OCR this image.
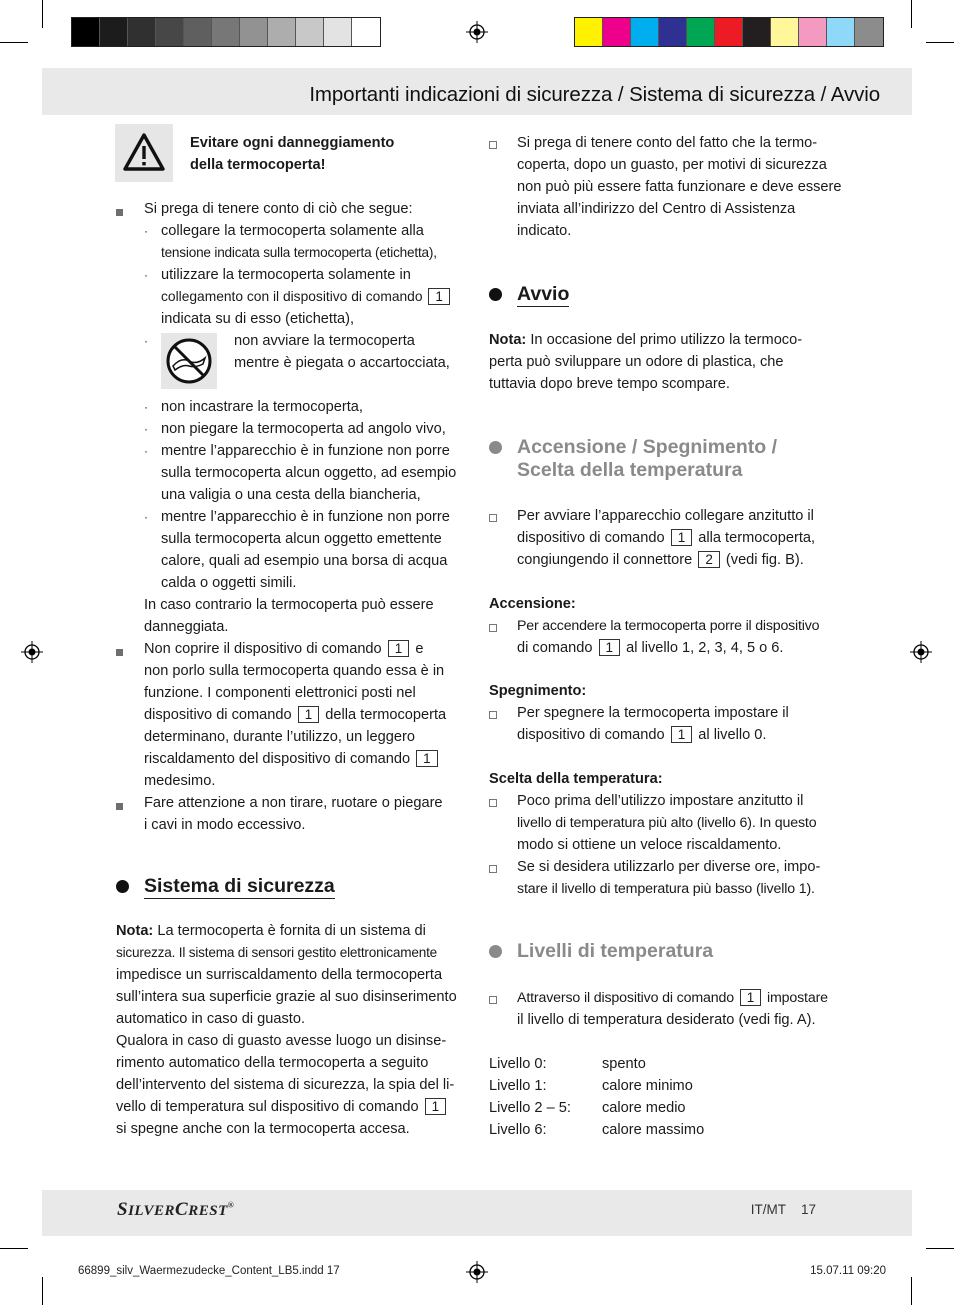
Importanti indicazioni di sicurezza / Sistema di sicurezza / Avvio
Evitare ogni danneggiamento
della termocoperta!
Si prega di tenere conto di ciò che segue:
· collegare la termocoperta solamente alla
tensione indicata sulla termocoperta (etichetta),
· utilizzare la termocoperta solamente in
collegamento con il dispositivo di comando 1
indicata su di esso (etichetta),
·	non avviare la termocoperta
mentre è piegata o accartocciata,
· non incastrare la termocoperta,
· non piegare la termocoperta ad angolo vivo,
· mentre l’apparecchio è in funzione non porre
sulla termocoperta alcun oggetto, ad esempio
una valigia o una cesta della biancheria,
· mentre l’apparecchio è in funzione non porre
sulla termocoperta alcun oggetto emettente
calore, quali ad esempio una borsa di acqua
calda o oggetti simili.
In caso contrario la termocoperta può essere
danneggiata.
Non coprire il dispositivo di comando 1 e
non porlo sulla termocoperta quando essa è in
funzione. I componenti elettronici posti nel
dispositivo di comando 1 della termocoperta
determinano, durante l’utilizzo, un leggero
riscaldamento del dispositivo di comando 1
medesimo.
Fare attenzione a non tirare, ruotare o piegare
i cavi in modo eccessivo.
Sistema di sicurezza
Nota: La termocoperta è fornita di un sistema di
sicurezza. Il sistema di sensori gestito elettronicamente
impedisce un surriscaldamento della termocoperta
sull’intera sua superficie grazie al suo disinserimento
automatico in caso di guasto.
Qualora in caso di guasto avesse luogo un disinse-
rimento automatico della termocoperta a seguito
dell’intervento del sistema di sicurezza, la spia del li-
vello di temperatura sul dispositivo di comando 1
si spegne anche con la termocoperta accesa.
Si prega di tenere conto del fatto che la termo-
coperta, dopo un guasto, per motivi di sicurezza
non può più essere fatta funzionare e deve essere
inviata all’indirizzo del Centro di Assistenza
indicato.
Avvio
Nota: In occasione del primo utilizzo la termoco-
perta può sviluppare un odore di plastica, che
tuttavia dopo breve tempo scompare.
Accensione / Spegnimento /
Scelta della temperatura
Per avviare l’apparecchio collegare anzitutto il
dispositivo di comando 1 alla termocoperta,
congiungendo il connettore 2 (vedi fig. B).
Accensione:
Per accendere la termocoperta porre il dispositivo
di comando 1 al livello 1, 2, 3, 4, 5 o 6.
Spegnimento:
Per spegnere la termocoperta impostare il
dispositivo di comando 1 al livello 0.
Scelta della temperatura:
Poco prima dell’utilizzo impostare anzitutto il
livello di temperatura più alto (livello 6). In questo
modo si ottiene un veloce riscaldamento.
Se si desidera utilizzarlo per diverse ore, impo-
stare il livello di temperatura più basso (livello 1).
Livelli di temperatura
Attraverso il dispositivo di comando 1 impostare
il livello di temperatura desiderato (vedi fig. A).
Livello 0:	spento
Livello 1:	calore minimo
Livello 2 – 5:	calore medio
Livello 6:	calore massimo
SILVERCREST®	IT/MT 17
66899_silv_Waermezudecke_Content_LB5.indd 17	15.07.11 09:20
